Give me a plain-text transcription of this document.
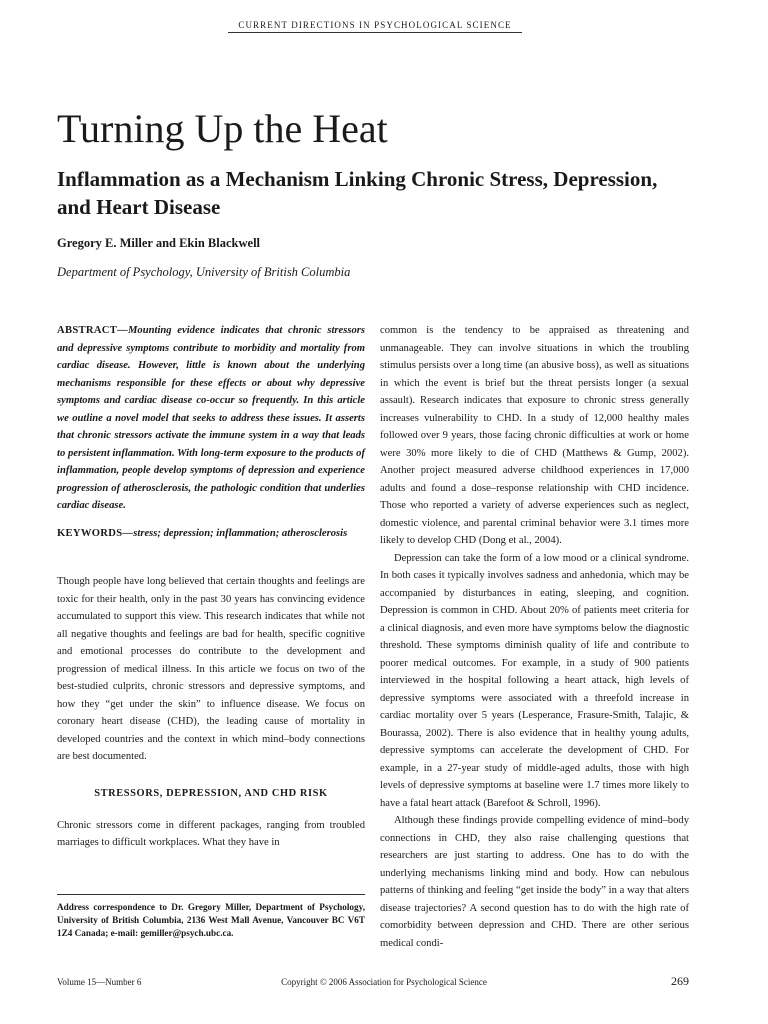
CURRENT DIRECTIONS IN PSYCHOLOGICAL SCIENCE
Turning Up the Heat
Inflammation as a Mechanism Linking Chronic Stress, Depression, and Heart Disease
Gregory E. Miller and Ekin Blackwell
Department of Psychology, University of British Columbia

ABSTRACT—Mounting evidence indicates that chronic stressors and depressive symptoms contribute to morbidity and mortality from cardiac disease. However, little is known about the underlying mechanisms responsible for these effects or about why depressive symptoms and cardiac disease co-occur so frequently. In this article we outline a novel model that seeks to address these issues. It asserts that chronic stressors activate the immune system in a way that leads to persistent inflammation. With long-term exposure to the products of inflammation, people develop symptoms of depression and experience progression of atherosclerosis, the pathologic condition that underlies cardiac disease.

KEYWORDS—stress; depression; inflammation; atherosclerosis

Though people have long believed that certain thoughts and feelings are toxic for their health, only in the past 30 years has convincing evidence accumulated to support this view. This research indicates that while not all negative thoughts and feelings are bad for health, specific cognitive and emotional processes do contribute to the development and progression of medical illness. In this article we focus on two of the best-studied culprits, chronic stressors and depressive symptoms, and how they “get under the skin” to influence disease. We focus on coronary heart disease (CHD), the leading cause of mortality in developed countries and the context in which mind–body connections are best documented.

STRESSORS, DEPRESSION, AND CHD RISK

Chronic stressors come in different packages, ranging from troubled marriages to difficult workplaces. What they have in

Address correspondence to Dr. Gregory Miller, Department of Psychology, University of British Columbia, 2136 West Mall Avenue, Vancouver BC V6T 1Z4 Canada; e-mail: gemiller@psych.ubc.ca.

common is the tendency to be appraised as threatening and unmanageable. They can involve situations in which the troubling stimulus persists over a long time (an abusive boss), as well as situations in which the event is brief but the threat persists longer (a sexual assault). Research indicates that exposure to chronic stress generally increases vulnerability to CHD. In a study of 12,000 healthy males followed over 9 years, those facing chronic difficulties at work or home were 30% more likely to die of CHD (Matthews & Gump, 2002). Another project measured adverse childhood experiences in 17,000 adults and found a dose–response relationship with CHD incidence. Those who reported a variety of adverse experiences such as neglect, domestic violence, and parental criminal behavior were 3.1 times more likely to develop CHD (Dong et al., 2004).

Depression can take the form of a low mood or a clinical syndrome. In both cases it typically involves sadness and anhedonia, which may be accompanied by disturbances in eating, sleeping, and cognition. Depression is common in CHD. About 20% of patients meet criteria for a clinical diagnosis, and even more have symptoms below the diagnostic threshold. These symptoms diminish quality of life and contribute to poorer medical outcomes. For example, in a study of 900 patients interviewed in the hospital following a heart attack, high levels of depressive symptoms were associated with a threefold increase in cardiac mortality over 5 years (Lesperance, Frasure-Smith, Talajic, & Bourassa, 2002). There is also evidence that in healthy young adults, depressive symptoms can accelerate the development of CHD. For example, in a 27-year study of middle-aged adults, those with high levels of depressive symptoms at baseline were 1.7 times more likely to have a fatal heart attack (Barefoot & Schroll, 1996).

Although these findings provide compelling evidence of mind–body connections in CHD, they also raise challenging questions that researchers are just starting to address. One has to do with the underlying mechanisms linking mind and body. How can nebulous patterns of thinking and feeling “get inside the body” in a way that alters disease trajectories? A second question has to do with the high rate of comorbidity between depression and CHD. There are other serious medical condi-

Volume 15—Number 6	Copyright © 2006 Association for Psychological Science	269
